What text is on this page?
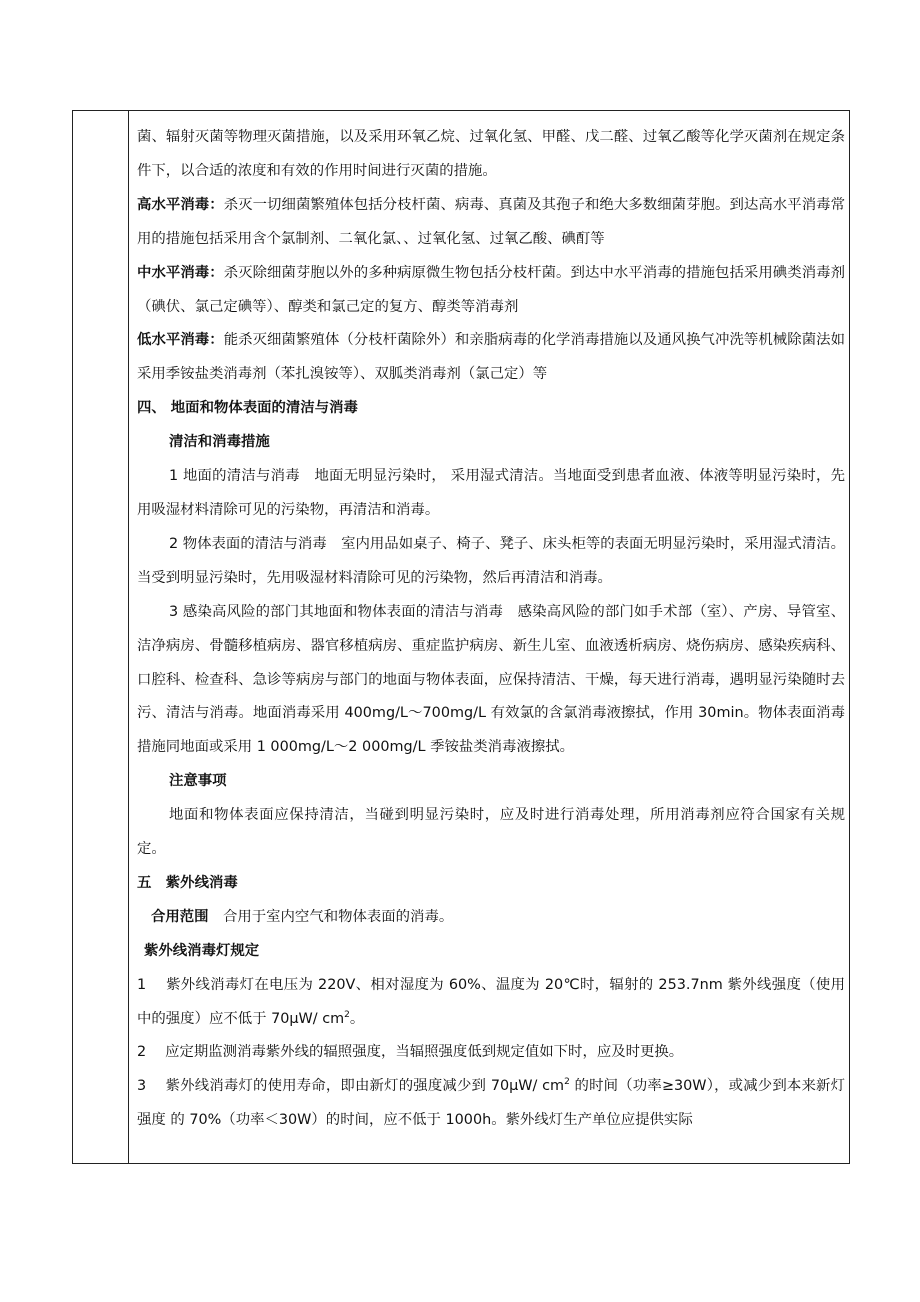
菌、辐射灭菌等物理灭菌措施，以及采用环氧乙烷、过氧化氢、甲醛、戊二醛、过氧乙酸等化学灭菌剂在规定条件下，以合适的浓度和有效的作用时间进行灭菌的措施。

高水平消毒：杀灭一切细菌繁殖体包括分枝杆菌、病毒、真菌及其孢子和绝大多数细菌芽胞。到达高水平消毒常用的措施包括采用含个氯制剂、二氧化氯、、过氧化氢、过氧乙酸、碘酊等

中水平消毒：杀灭除细菌芽胞以外的多种病原微生物包括分枝杆菌。到达中水平消毒的措施包括采用碘类消毒剂（碘伏、氯己定碘等）、醇类和氯己定的复方、醇类等消毒剂

低水平消毒：能杀灭细菌繁殖体（分枝杆菌除外）和亲脂病毒的化学消毒措施以及通风换气冲洗等机械除菌法如采用季铵盐类消毒剂（苯扎溴铵等）、双胍类消毒剂（氯己定）等

四、 地面和物体表面的清洁与消毒

清洁和消毒措施

1 地面的清洁与消毒　地面无明显污染时， 采用湿式清洁。当地面受到患者血液、体液等明显污染时，先用吸湿材料清除可见的污染物，再清洁和消毒。

2 物体表面的清洁与消毒　室内用品如桌子、椅子、凳子、床头柜等的表面无明显污染时，采用湿式清洁。当受到明显污染时，先用吸湿材料清除可见的污染物，然后再清洁和消毒。

3 感染高风险的部门其地面和物体表面的清洁与消毒　感染高风险的部门如手术部（室）、产房、导管室、洁净病房、骨髓移植病房、器官移植病房、重症监护病房、新生儿室、血液透析病房、烧伤病房、感染疾病科、口腔科、检查科、急诊等病房与部门的地面与物体表面，应保持清洁、干燥，每天进行消毒，遇明显污染随时去污、清洁与消毒。地面消毒采用 400mg/L～700mg/L 有效氯的含氯消毒液擦拭，作用 30min。物体表面消毒措施同地面或采用 1 000mg/L～2 000mg/L 季铵盐类消毒液擦拭。

注意事项

地面和物体表面应保持清洁，当碰到明显污染时，应及时进行消毒处理，所用消毒剂应符合国家有关规定。

五　紫外线消毒

合用范围　合用于室内空气和物体表面的消毒。

紫外线消毒灯规定

1　 紫外线消毒灯在电压为 220V、相对湿度为 60%、温度为 20℃时，辐射的 253.7nm 紫外线强度（使用中的强度）应不低于 70μW/ $cm^2$。

2　 应定期监测消毒紫外线的辐照强度，当辐照强度低到规定值如下时，应及时更换。

3　 紫外线消毒灯的使用寿命，即由新灯的强度减少到 70μW/ $cm^2$ 的时间（功率≥30W），或减少到本来新灯强度 的 70%（功率＜30W）的时间，应不低于 1000h。紫外线灯生产单位应提供实际
